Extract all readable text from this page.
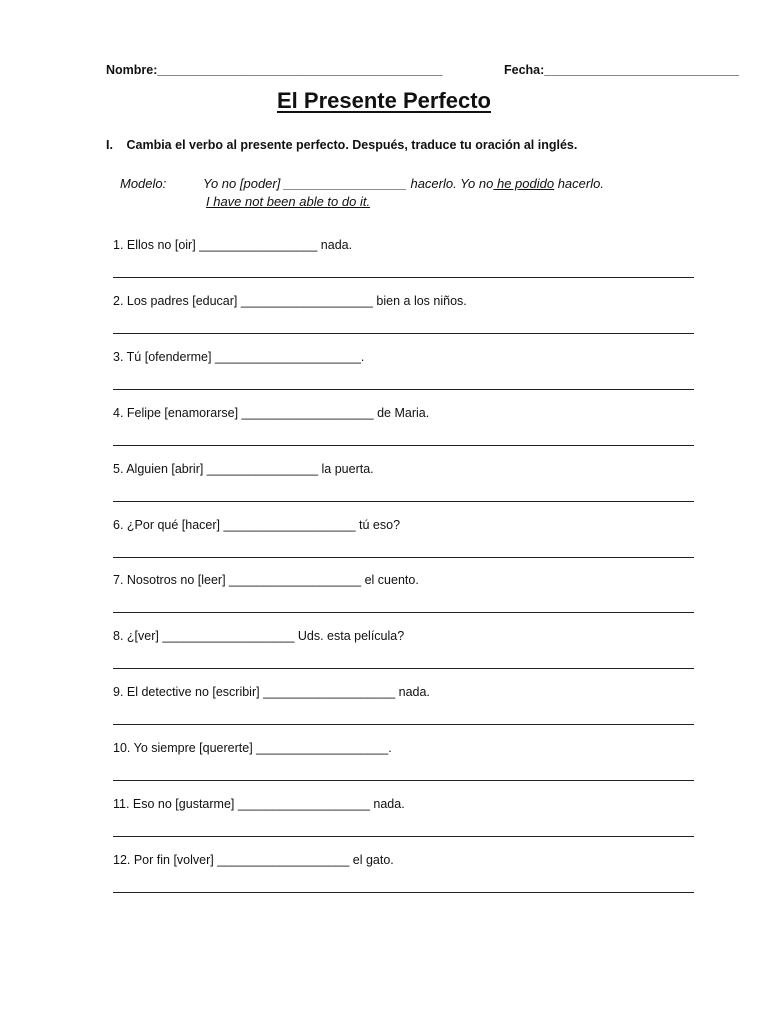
Nombre:_________________________________________	Fecha:____________________________
El Presente Perfecto
I. Cambia el verbo al presente perfecto. Después, traduce tu oración al inglés.
Modelo:	Yo no [poder] _________________ hacerlo. Yo no he podido hacerlo.
I have not been able to do it.
1. Ellos no [oir] _________________ nada.
2. Los padres [educar] ___________________ bien a los niños.
3. Tú [ofenderme] _____________________.
4. Felipe [enamorarse] ___________________ de Maria.
5. Alguien [abrir] ________________ la puerta.
6. ¿Por qué [hacer] ___________________ tú eso?
7. Nosotros no [leer] ___________________ el cuento.
8. ¿[ver] ___________________ Uds. esta película?
9. El detective no [escribir] ___________________ nada.
10. Yo siempre [quererte] ___________________.
11. Eso no [gustarme] ___________________ nada.
12. Por fin [volver] ___________________ el gato.
